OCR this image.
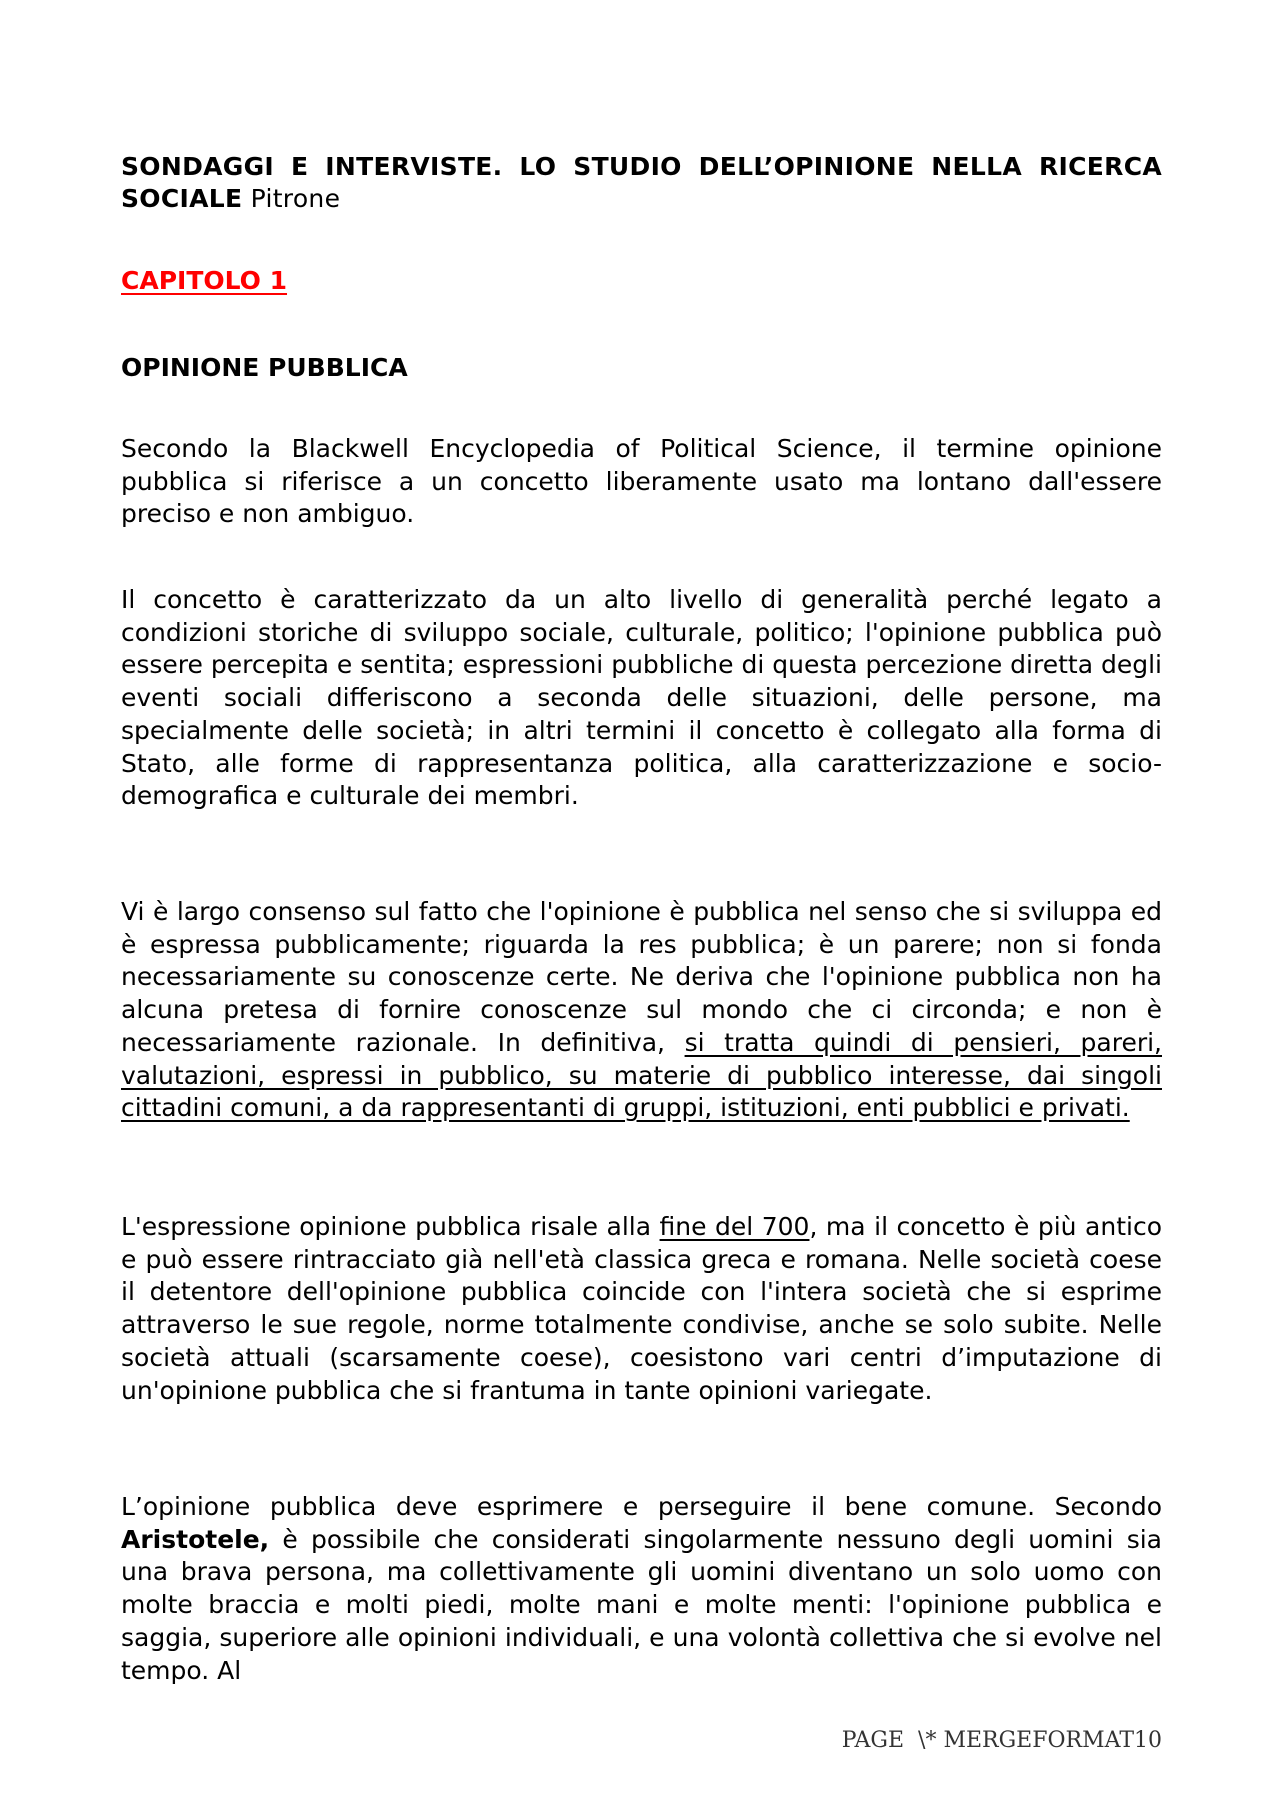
SONDAGGI E INTERVISTE. LO STUDIO DELL’OPINIONE NELLA RICERCA SOCIALE Pitrone
CAPITOLO 1
OPINIONE PUBBLICA

Secondo la Blackwell Encyclopedia of Political Science, il termine opinione pubblica si riferisce a un concetto liberamente usato ma lontano dall'essere preciso e non ambiguo.

Il concetto è caratterizzato da un alto livello di generalità perché legato a condizioni storiche di sviluppo sociale, culturale, politico; l'opinione pubblica può essere percepita e sentita; espressioni pubbliche di questa percezione diretta degli eventi sociali differiscono a seconda delle situazioni, delle persone, ma specialmente delle società; in altri termini il concetto è collegato alla forma di Stato, alle forme di rappresentanza politica, alla caratterizzazione e socio-demografica e culturale dei membri.

Vi è largo consenso sul fatto che l'opinione è pubblica nel senso che si sviluppa ed è espressa pubblicamente; riguarda la res pubblica; è un parere; non si fonda necessariamente su conoscenze certe. Ne deriva che l'opinione pubblica non ha alcuna pretesa di fornire conoscenze sul mondo che ci circonda; e non è necessariamente razionale. In definitiva, si tratta quindi di pensieri, pareri, valutazioni, espressi in pubblico, su materie di pubblico interesse, dai singoli cittadini comuni, a da rappresentanti di gruppi, istituzioni, enti pubblici e privati.

L'espressione opinione pubblica risale alla fine del 700, ma il concetto è più antico e può essere rintracciato già nell'età classica greca e romana. Nelle società coese il detentore dell'opinione pubblica coincide con l'intera società che si esprime attraverso le sue regole, norme totalmente condivise, anche se solo subite. Nelle società attuali (scarsamente coese), coesistono vari centri d’imputazione di un'opinione pubblica che si frantuma in tante opinioni variegate.

L’opinione pubblica deve esprimere e perseguire il bene comune. Secondo Aristotele, è possibile che considerati singolarmente nessuno degli uomini sia una brava persona, ma collettivamente gli uomini diventano un solo uomo con molte braccia e molti piedi, molte mani e molte menti: l'opinione pubblica e saggia, superiore alle opinioni individuali, e una volontà collettiva che si evolve nel tempo. Al

PAGE  \* MERGEFORMAT10
